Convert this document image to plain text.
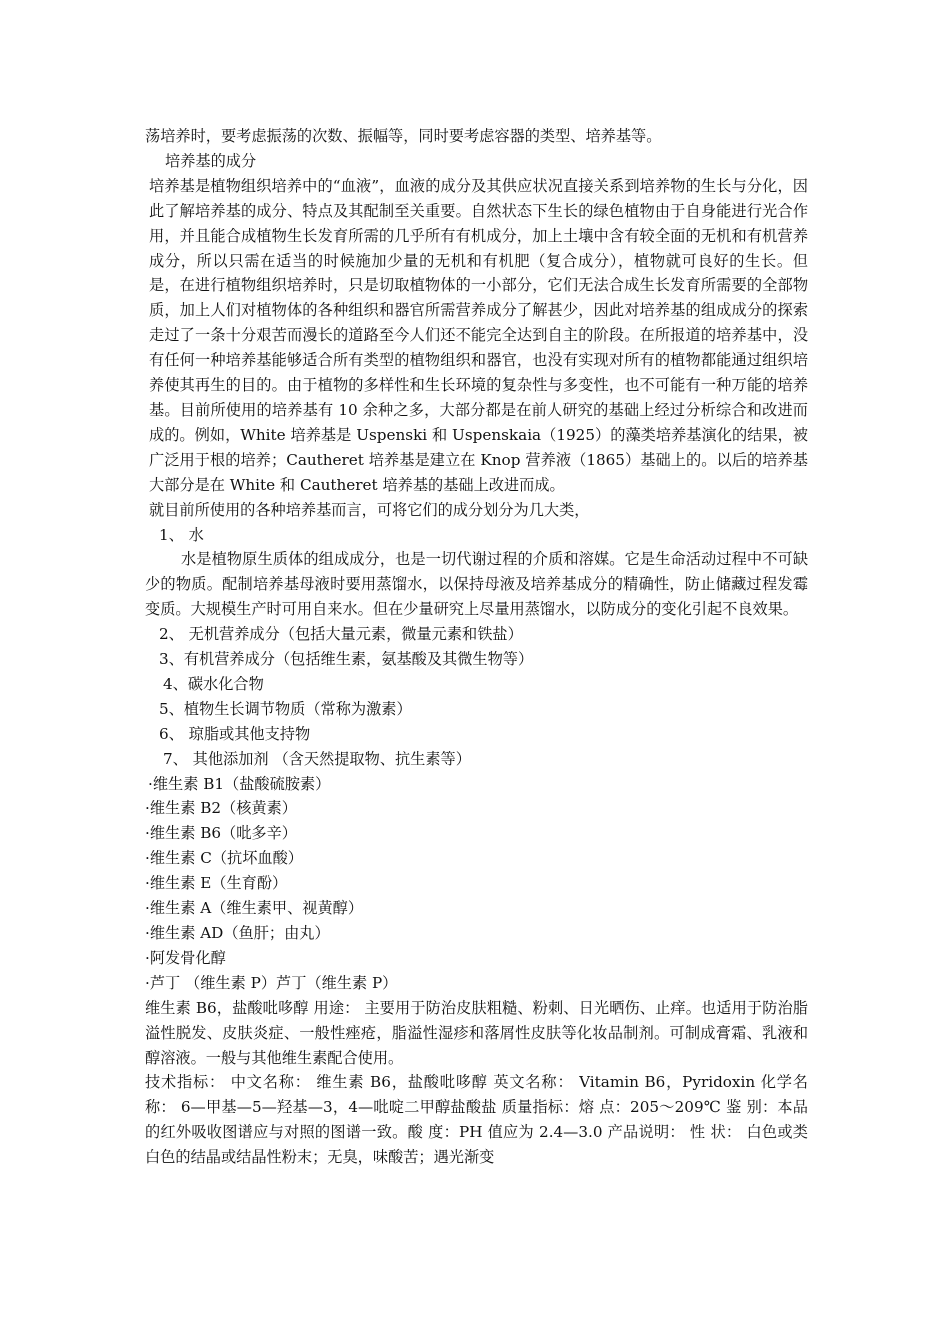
荡培养时，要考虑振荡的次数、振幅等，同时要考虑容器的类型、培养基等。

培养基的成分

培养基是植物组织培养中的“血液”，血液的成分及其供应状况直接关系到培养物的生长与分化，因此了解培养基的成分、特点及其配制至关重要。自然状态下生长的绿色植物由于自身能进行光合作用，并且能合成植物生长发育所需的几乎所有有机成分，加上土壤中含有较全面的无机和有机营养成分，所以只需在适当的时候施加少量的无机和有机肥（复合成分），植物就可良好的生长。但是，在进行植物组织培养时，只是切取植物体的一小部分，它们无法合成生长发育所需要的全部物质，加上人们对植物体的各种组织和器官所需营养成分了解甚少，因此对培养基的组成成分的探索走过了一条十分艰苦而漫长的道路至今人们还不能完全达到自主的阶段。在所报道的培养基中，没有任何一种培养基能够适合所有类型的植物组织和器官，也没有实现对所有的植物都能通过组织培养使其再生的目的。由于植物的多样性和生长环境的复杂性与多变性，也不可能有一种万能的培养基。目前所使用的培养基有 10 余种之多，大部分都是在前人研究的基础上经过分析综合和改进而成的。例如，White 培养基是 Uspenski 和 Uspenskaia（1925）的藻类培养基演化的结果，被广泛用于根的培养；Cautheret 培养基是建立在 Knop 营养液（1865）基础上的。以后的培养基大部分是在 White 和 Cautheret 培养基的基础上改进而成。

就目前所使用的各种培养基而言，可将它们的成分划分为几大类，

1、 水

水是植物原生质体的组成成分，也是一切代谢过程的介质和溶媒。它是生命活动过程中不可缺少的物质。配制培养基母液时要用蒸馏水，以保持母液及培养基成分的精确性，防止储藏过程发霉变质。大规模生产时可用自来水。但在少量研究上尽量用蒸馏水，以防成分的变化引起不良效果。

2、 无机营养成分（包括大量元素，微量元素和铁盐）

3、有机营养成分（包括维生素，氨基酸及其微生物等）

4、碳水化合物

5、植物生长调节物质（常称为激素）

6、 琼脂或其他支持物

7、 其他添加剂 （含天然提取物、抗生素等）

·维生素 B1（盐酸硫胺素）

·维生素 B2（核黄素）

·维生素 B6（吡多辛）

·维生素 C（抗坏血酸）

·维生素 E（生育酚）

·维生素 A（维生素甲、视黄醇）

·维生素 AD（鱼肝；由丸）

·阿发骨化醇

·芦丁 （维生素 P）芦丁（维生素 P）

维生素 B6，盐酸吡哆醇 用途： 主要用于防治皮肤粗糙、粉刺、日光晒伤、止痒。也适用于防治脂溢性脱发、皮肤炎症、一般性痤疮，脂溢性湿疹和落屑性皮肤等化妆品制剂。可制成膏霜、乳液和醇溶液。一般与其他维生素配合使用。

技术指标： 中文名称： 维生素 B6，盐酸吡哆醇 英文名称： Vitamin B6，Pyridoxin 化学名称： 6—甲基—5—羟基—3，4—吡啶二甲醇盐酸盐 质量指标：熔 点：205～209℃ 鉴 别：本品的红外吸收图谱应与对照的图谱一致。酸 度：PH 值应为 2.4—3.0 产品说明： 性 状： 白色或类白色的结晶或结晶性粉末；无臭，味酸苦；遇光渐变
